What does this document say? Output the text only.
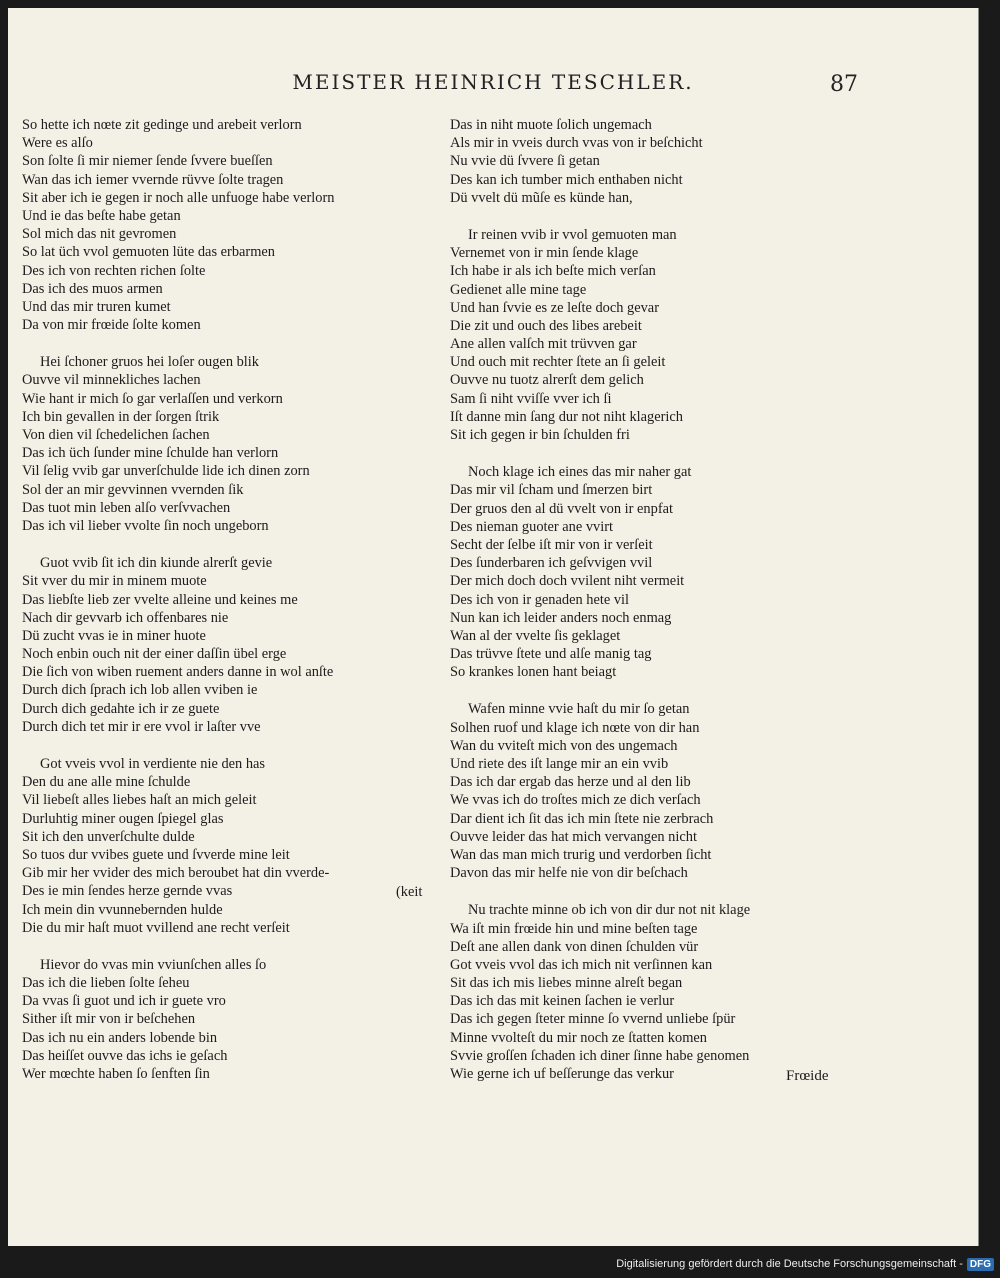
MEISTER HEINRICH TESCHLER.	87
So hette ich nœte zit gedinge und arebeit verlorn
Were es alſo
Son ſolte ſi mir niemer ſende ſvvere bueſſen
Wan das ich iemer vvernde rüvve ſolte tragen
Sit aber ich ie gegen ir noch alle unfuoge habe verlorn
Und ie das beſte habe getan
Sol mich das nit gevromen
So lat üch vvol gemuoten lüte das erbarmen
Des ich von rechten richen ſolte
Das ich des muos armen
Und das mir truren kumet
Da von mir frœide ſolte komen
Hei ſchoner gruos hei loſer ougen blik
Ouvve vil minnekliches lachen
Wie hant ir mich ſo gar verlaſſen und verkorn
Ich bin gevallen in der ſorgen ſtrik
Von dien vil ſchedelichen ſachen
Das ich üch ſunder mine ſchulde han verlorn
Vil ſelig vvib gar unverſchulde lide ich dinen zorn
Sol der an mir gevvinnen vvernden ſik
Das tuot min leben alſo verſvvachen
Das ich vil lieber vvolte ſin noch ungeborn
Guot vvib ſit ich din kiunde alrerſt gevie
Sit vver du mir in minem muote
Das liebſte lieb zer vvelte alleine und keines me
Nach dir gevvarb ich offenbares nie
Dü zucht vvas ie in miner huote
Noch enbin ouch nit der einer daſſin übel erge
Die ſich von wiben ruement anders danne in wol anſte
Durch dich ſprach ich lob allen vviben ie
Durch dich gedahte ich ir ze guete
Durch dich tet mir ir ere vvol ir laſter vve
Got vveis vvol in verdiente nie den has
Den du ane alle mine ſchulde
Vil liebeſt alles liebes haſt an mich geleit
Durluhtig miner ougen ſpiegel glas
Sit ich den unverſchulte dulde
So tuos dur vvibes guete und ſvverde mine leit
Gib mir her vvider des mich beroubet hat din vverde-
Des ie min ſendes herze gernde vvas
Ich mein din vvunnebernden hulde
Die du mir haſt muot vvillend ane recht verſeit
Hievor do vvas min vviunſchen alles ſo
Das ich die lieben ſolte ſeheu
Da vvas ſi guot und ich ir guete vro
Sither iſt mir von ir beſchehen
Das ich nu ein anders lobende bin
Das heiſſet ouvve das ichs ie geſach
Wer mœchte haben ſo ſenften ſin
Das in niht muote ſolich ungemach
Als mir in vveis durch vvas von ir beſchicht
Nu vvie dü ſvvere ſi getan
Des kan ich tumber mich enthaben nicht
Dü vvelt dü mũſe es künde han,
Ir reinen vvib ir vvol gemuoten man
Vernemet von ir min ſende klage
Ich habe ir als ich beſte mich verſan
Gedienet alle mine tage
Und han ſvvie es ze leſte doch gevar
Die zit und ouch des libes arebeit
Ane allen valſch mit trüvven gar
Und ouch mit rechter ſtete an ſi geleit
Ouvve nu tuotz alrerſt dem gelich
Sam ſi niht vviſſe vver ich ſi
Iſt danne min ſang dur not niht klagerich
Sit ich gegen ir bin ſchulden fri
Noch klage ich eines das mir naher gat
Das mir vil ſcham und ſmerzen birt
Der gruos den al dü vvelt von ir enpfat
Des nieman guoter ane vvirt
Secht der ſelbe iſt mir von ir verſeit
Des ſunderbaren ich geſvvigen vvil
Der mich doch doch vvilent niht vermeit
Des ich von ir genaden hete vil
Nun kan ich leider anders noch enmag
Wan al der vvelte ſis geklaget
Das trüvve ſtete und alſe manig tag
So krankes lonen hant beiagt
Wafen minne vvie haſt du mir ſo getan
Solhen ruof und klage ich nœte von dir han
Wan du vviteſt mich von des ungemach
Und riete des iſt lange mir an ein vvib
Das ich dar ergab das herze und al den lib
We vvas ich do troſtes mich ze dich verſach
Dar dient ich ſit das ich min ſtete nie zerbrach
Ouvve leider das hat mich vervangen nicht
Wan das man mich trurig und verdorben ſicht
Davon das mir helfe nie von dir beſchach
Nu trachte minne ob ich von dir dur not nit klage
Wa iſt min frœide hin und mine beſten tage
Deſt ane allen dank von dinen ſchulden vür
Got vveis vvol das ich mich nit verſinnen kan
Sit das ich mis liebes minne alreſt began
Das ich das mit keinen ſachen ie verlur
Das ich gegen ſteter minne ſo vvernd unliebe ſpür
Minne vvolteſt du mir noch ze ſtatten komen
Svvie groſſen ſchaden ich diner ſinne habe genomen
Wie gerne ich uf beſſerunge das verkur
(keit
Frœide
Digitalisierung gefördert durch die Deutsche Forschungsgemeinschaft - DFG
